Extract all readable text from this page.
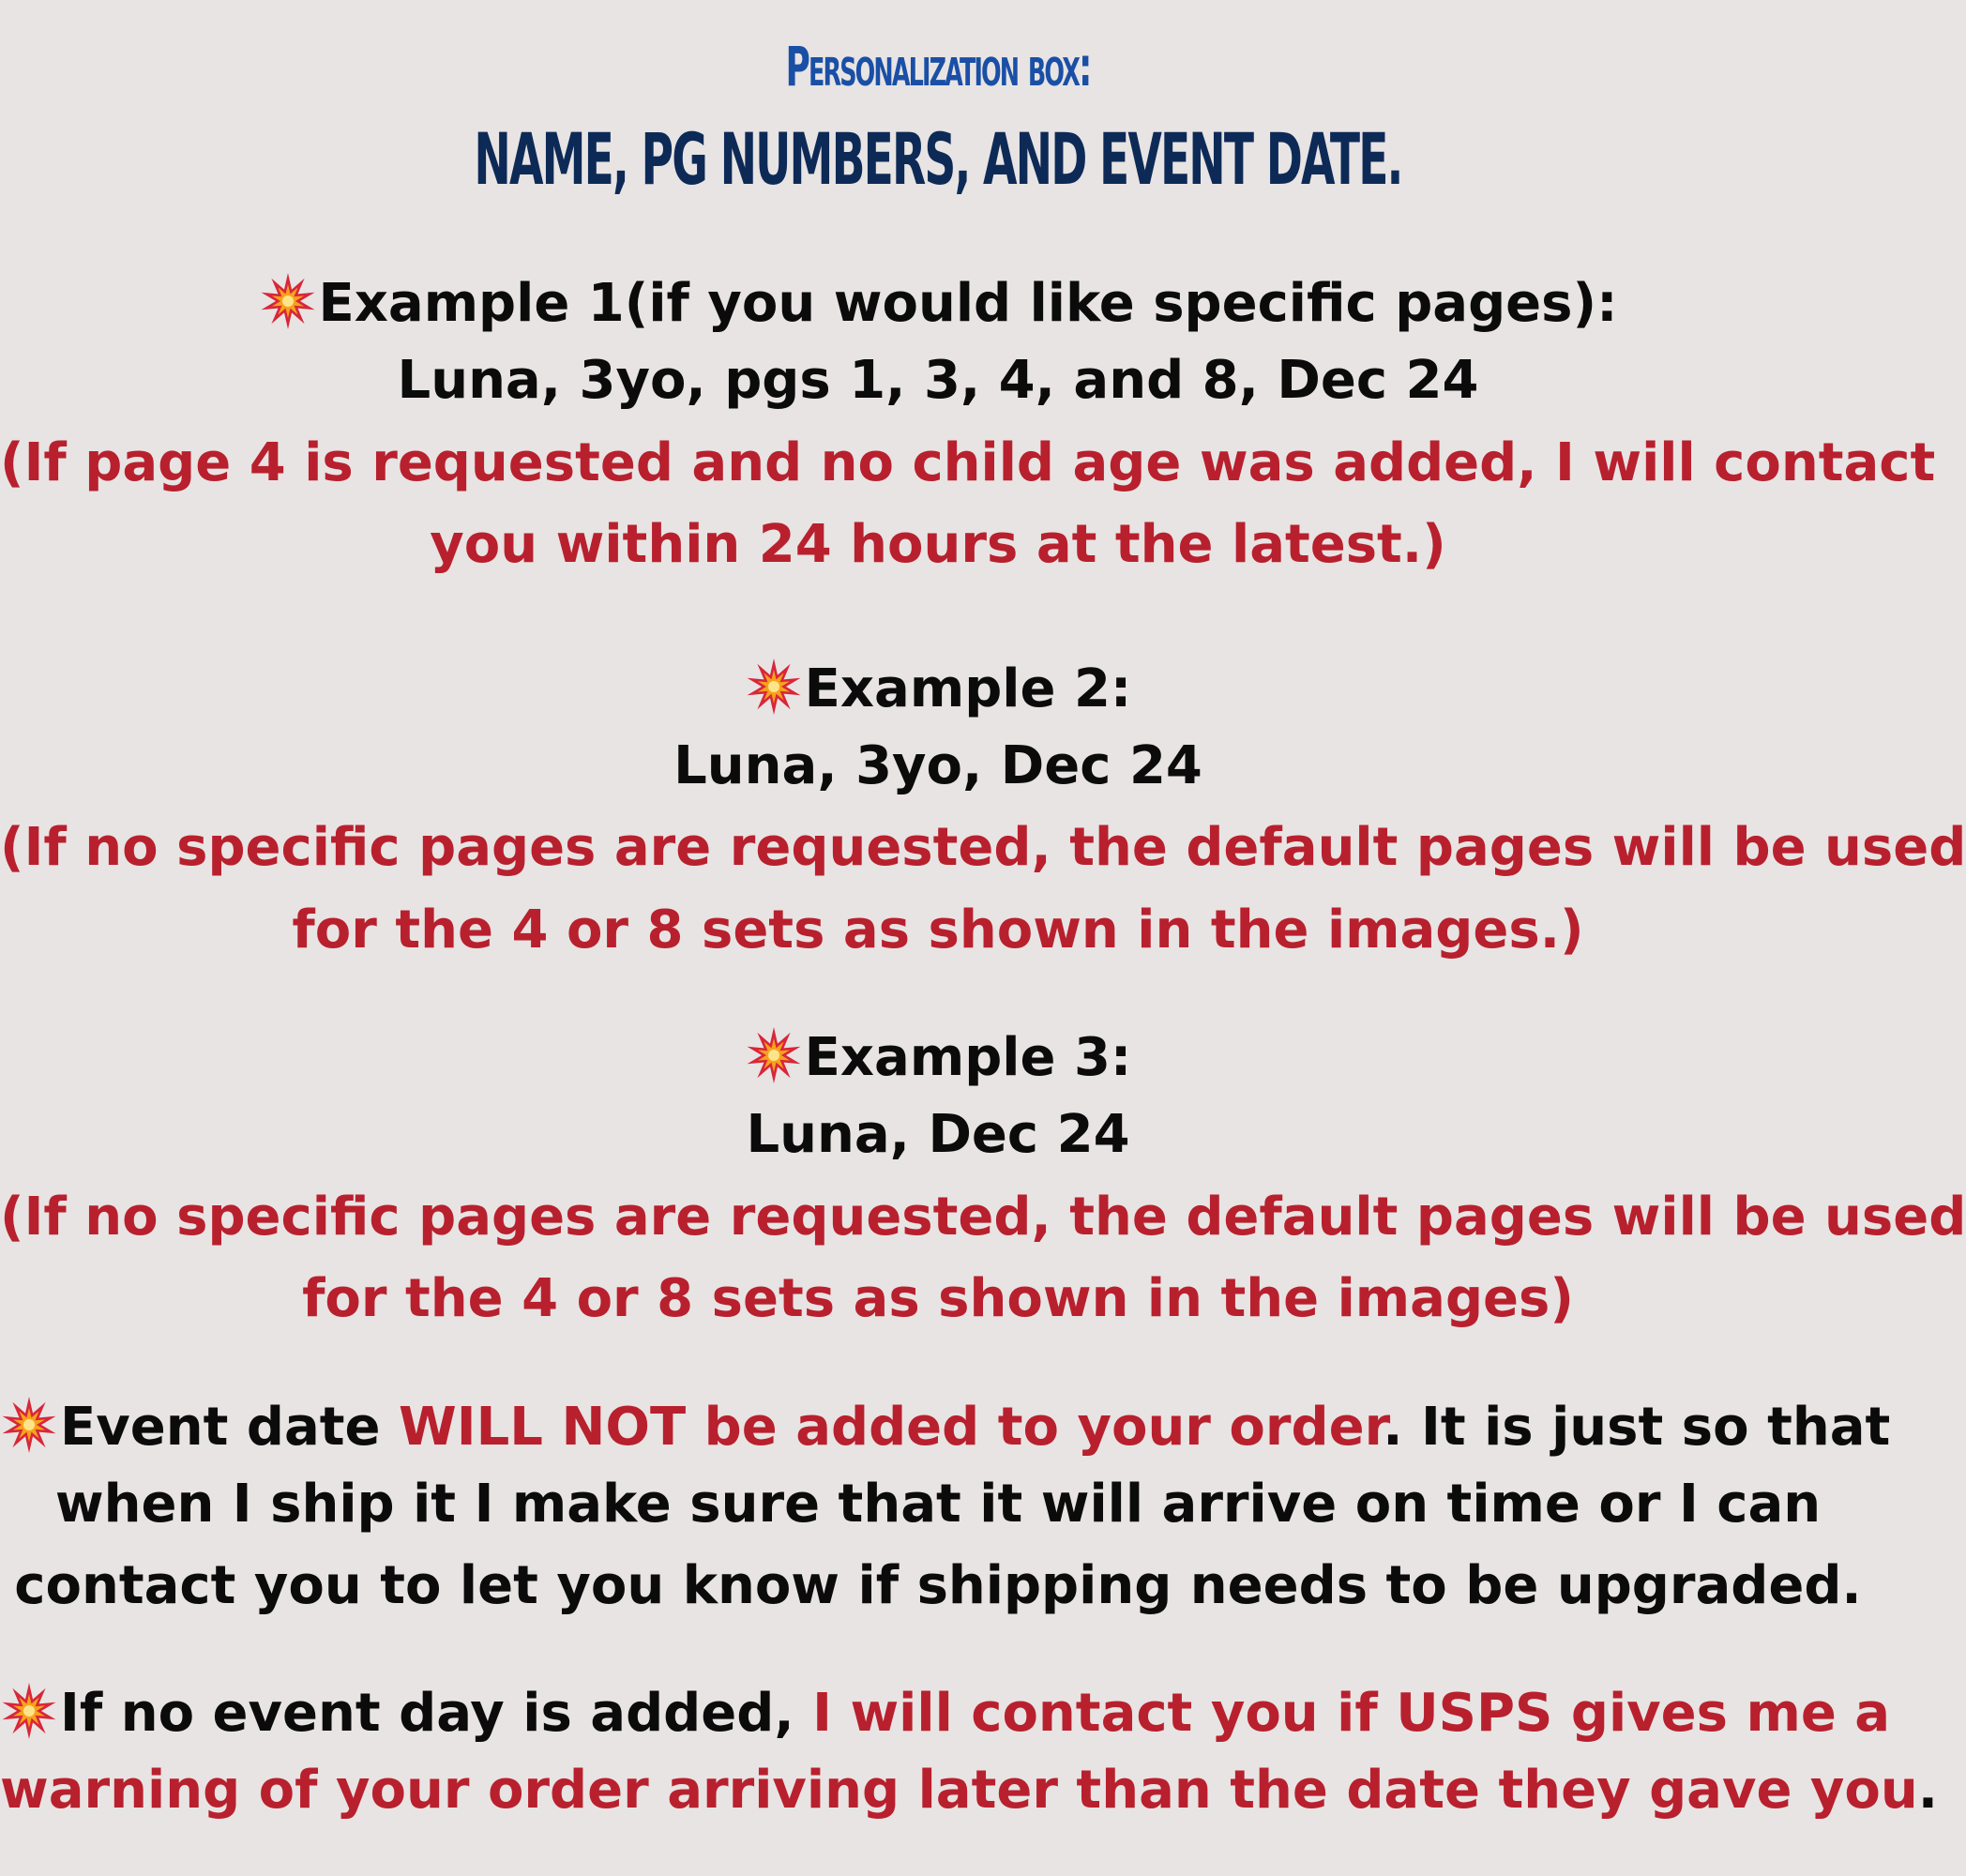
Personalization box:
NAME, PG NUMBERS, AND EVENT DATE.
Example 1(if you would like specific pages):
Luna, 3yo, pgs 1, 3, 4, and 8, Dec 24
(If page 4 is requested and no child age was added, I will contact
you within 24 hours at the latest.)
Example 2:
Luna, 3yo, Dec 24
(If no specific pages are requested, the default pages will be used
for the 4 or 8 sets as shown in the images.)
Example 3:
Luna, Dec 24
(If no specific pages are requested, the default pages will be used
for the 4 or 8 sets as shown in the images)
Event date WILL NOT be added to your order. It is just so that
when I ship it I make sure that it will arrive on time or I can
contact you to let you know if shipping needs to be upgraded.
If no event day is added, I will contact you if USPS gives me a
warning of your order arriving later than the date they gave you.
